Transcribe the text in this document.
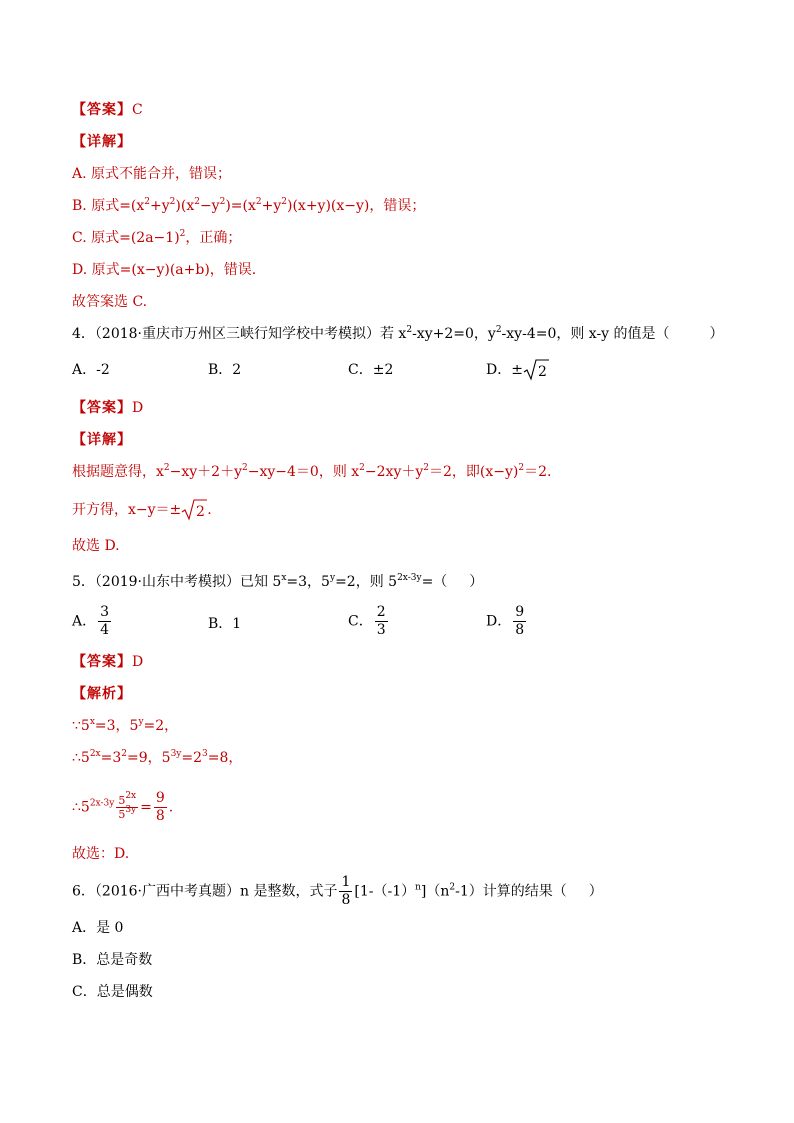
【答案】C
【详解】
A. 原式不能合并，错误；
B. 原式$=(x^2+y^2)(x^2-y^2)=(x^2+y^2)(x+y)(x-y)$，错误；
C. 原式$=(2a-1)^2$，正确；
D. 原式=(x−y)(a+b)，错误.
故答案选 C.
4．（2018·重庆市万州区三峡行知学校中考模拟）若 $x^2-xy+2=0$，$y^2-xy-4=0$，则 x-y 的值是（	）
A．-2	B．2	C．±2	D．± 2
【答案】D
【详解】
根据题意得，$x^2-xy+2+y^2-xy-4=0$，则 $x^2-2xy+y^2=2$，即$(x-y)^2=2$.
开方得，x−y＝± 2 .
故选 D.
5．（2019·山东中考模拟）已知 $5^x=3$，$5^y=2$，则 $5^{2x-3y}=$（ ）
A． $\frac{3}{4}$	B．1	C． $\frac{2}{3}$	D． $\frac{9}{8}$
【答案】D
【解析】
$\because 5^x=3$，$5^y=2$，
$\therefore 5^{2x}=3^2=9$，$5^{3y}=2^3=8$，
$\therefore 5^{2x-3y} \frac{5^{2x}}{5^{3y}} = \frac{9}{8}$ .
故选：D.
6．（2016·广西中考真题）n 是整数，式子 $\frac{1}{8} [1-(-1)^n](n^2-1)$计算的结果（ ）
A．是 0
B．总是奇数
C．总是偶数
